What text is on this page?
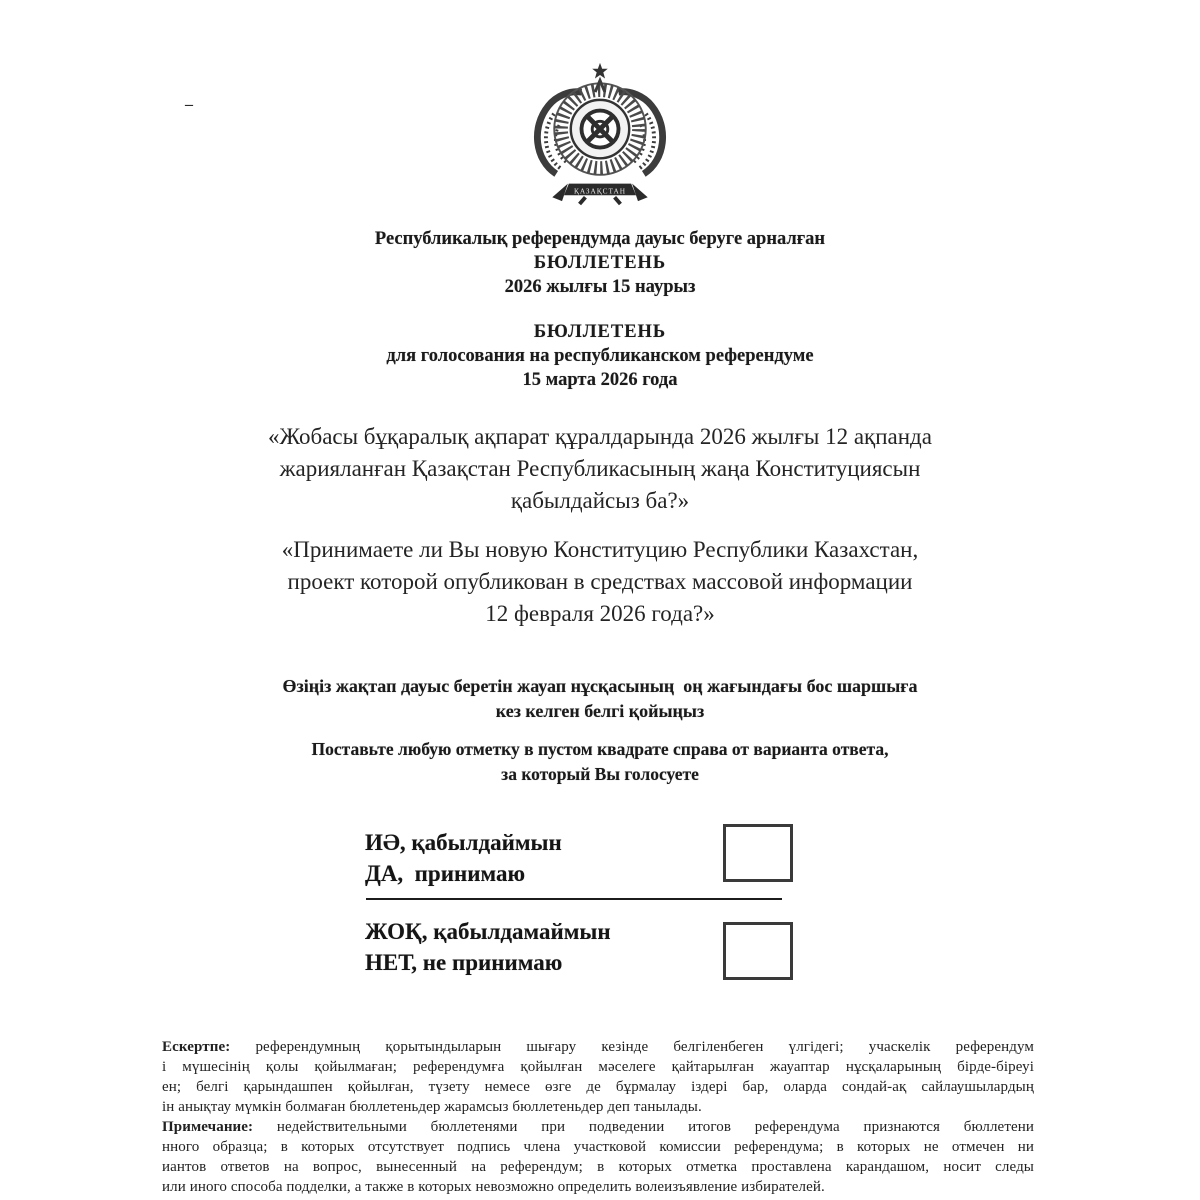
–
ҚАЗАҚСТАН
Республикалық референдумда дауыс беруге арналған
БЮЛЛЕТЕНЬ
2026 жылғы 15 наурыз
БЮЛЛЕТЕНЬ
для голосования на республиканском референдуме
15 марта 2026 года
«Жобасы бұқаралық ақпарат құралдарында 2026 жылғы 12 ақпанда
жарияланған Қазақстан Республикасының жаңа Конституциясын
қабылдайсыз ба?»
«Принимаете ли Вы новую Конституцию Республики Казахстан,
проект которой опубликован в средствах массовой информации
12 февраля 2026 года?»
Өзіңіз жақтап дауыс беретін жауап нұсқасының  оң жағындағы бос шаршыға
кез келген белгі қойыңыз
Поставьте любую отметку в пустом квадрате справа от варианта ответа,
за который Вы голосуете
ИӘ, қабылдаймын
ДА,  принимаю
ЖОҚ, қабылдамаймын
НЕТ, не принимаю
Ескертпе: референдумның қорытындыларын шығару кезінде белгіленбеген үлгідегі; учаскелік референдум
і мүшесінің қолы қойылмаған; референдумға қойылған мәселеге қайтарылған жауаптар нұсқаларының бірде-біреуі
ен; белгі қарындашпен қойылған, түзету немесе өзге де бұрмалау іздері бар, оларда сондай-ақ сайлаушылардың
ін анықтау мүмкін болмаған бюллетеньдер жарамсыз бюллетеньдер деп танылады.
Примечание: недействительными бюллетенями при подведении итогов референдума признаются бюллетени
нного образца; в которых отсутствует подпись члена участковой комиссии референдума; в которых не отмечен ни
иантов ответов на вопрос, вынесенный на референдум; в которых отметка проставлена карандашом, носит следы
или иного способа подделки, а также в которых невозможно определить волеизъявление избирателей.
